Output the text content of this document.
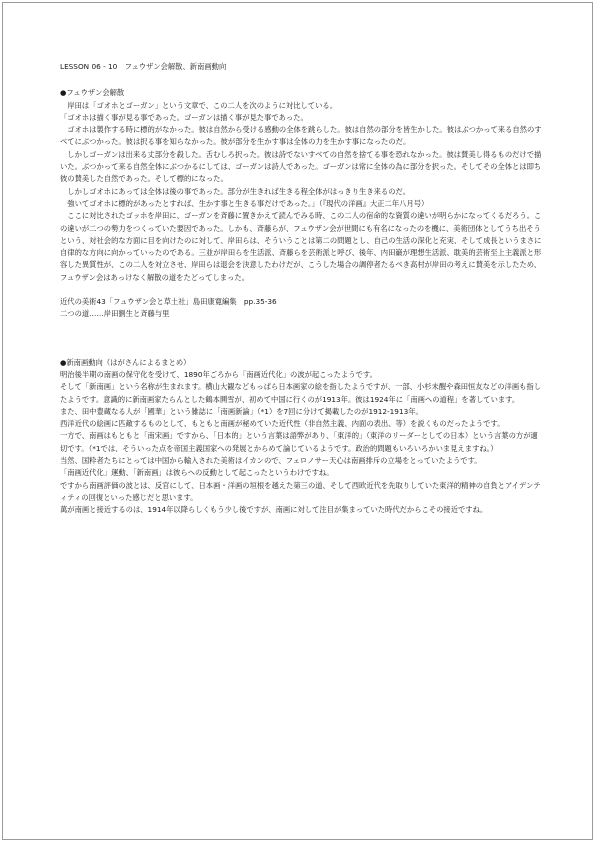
LESSON 06 - 10　フュウザン会解散、新南画動向

●フュウザン会解散

　岸田は「ゴオホとゴーガン」という文章で、この二人を次のように対比している。

「ゴオホは描く事が見る事であった。ゴーガンは描く事が見た事であった。

　ゴオホは製作する時に標的がなかった。彼は自然から受ける感動の全体を跳らした。彼は自然の部分を皆生かした。彼はぶつかって来る自然のすべてにぶつかった。彼は択る事を知らなかった。彼が部分を生かす事は全体の力を生かす事になったのだ。

　しかしゴーガンは出来る丈部分を殺した。舌むしろ択った。彼は詩でないすべての自然を捨てる事を恐れなかった。彼は賛美し得るものだけで描いた。ぶつかって来る自然全体にぶつかるにしては、ゴーガンは詩人であった。ゴーガンは常に全体の為に部分を択った。そしてその全体とは即ち彼の賛美した自然であった。そして標的になった。

　しかしゴオホにあっては全体は後の事であった。部分が生きれば生きる程全体がはっきり生き来るのだ。

　強いてゴオホに標的があったとすれば、生かす事と生きる事だけであった。」（『現代の洋画』大正二年八月号）

　ここに対比されたゴッホを岸田に、ゴーガンを斉藤に置きかえて読んでみる時、この二人の宿命的な資質の違いが明らかになってくるだろう。この違いが二つの勢力をつくっていた要因であった。しかも、斉藤らが、フュウザン会が世間にも有名になったのを機に、美術団体としてうち出そうという、対社会的な方面に目を向けたのに対して、岸田らは、そういうことは第二の問題とし、自己の生活の深化と充実、そして成長というまさに自律的な方向に向かっていったのである。三並が岸田らを生活派、斉藤らを芸術派と呼び、後年、内田巌が理想生活派、耽美的芸術至上主義派と形容した異質性が、この二人を対立させ、岸田らは退会を決意したわけだが、こうした場合の調停者たるべき高村が岸田の考えに賛美を示したため、フュウザン会はあっけなく解散の道をたどってしまった。

近代の美術43「フュウザン会と草土社」島田康寛編集　pp.35-36

二つの道……岸田劉生と斉藤与里

●新南画動向（はがさんによるまとめ）

明治後半期の南画の保守化を受けて、1890年ごろから「南画近代化」の波が起こったようです。

そして「新南画」という名称が生まれます。横山大観などもっぱら日本画家の絵を指したようですが、一部、小杉未醒や森田恒友などの洋画も指したようです。意識的に新南画家たらんとした鶴本鬨雪が、初めて中国に行くのが1913年。彼は1924年に「南画への道程」を著しています。

また、田中豊蔵なる人が「國華」という雑誌に「南画新論」（*1）を7回に分けて掲載したのが1912-1913年。

西洋近代の絵画に匹敵するものとして、もともと南画が秘めていた近代性（非自然主義、内面の表出、等）を説くものだったようです。

一方で、南画はもともと「南宋画」ですから、「日本的」という言葉は語弊があり、「東洋的」（東洋のリーダーとしての日本）という言葉の方が適切です。（*1では、そういった点を帝国主義国家への発展とからめて論じているようです。政治的問題もいろいろかいま見えますね。）

当然、国粋者たちにとっては中国から輸入された美術はイカンので、フェロノサー天心は南画排斥の立場をとっていたようです。

「南画近代化」運動、「新南画」は彼らへの反動として起こったというわけですね。

ですから南画評価の波とは、反官にして、日本画・洋画の垣根を越えた第三の道、そして西欧近代を先取りしていた東洋的精神の自負とアイデンティティの回復といった感じだと思います。

萬が南画と接近するのは、1914年以降らしくもう少し後ですが、南画に対して注目が集まっていた時代だからこその接近ですね。
